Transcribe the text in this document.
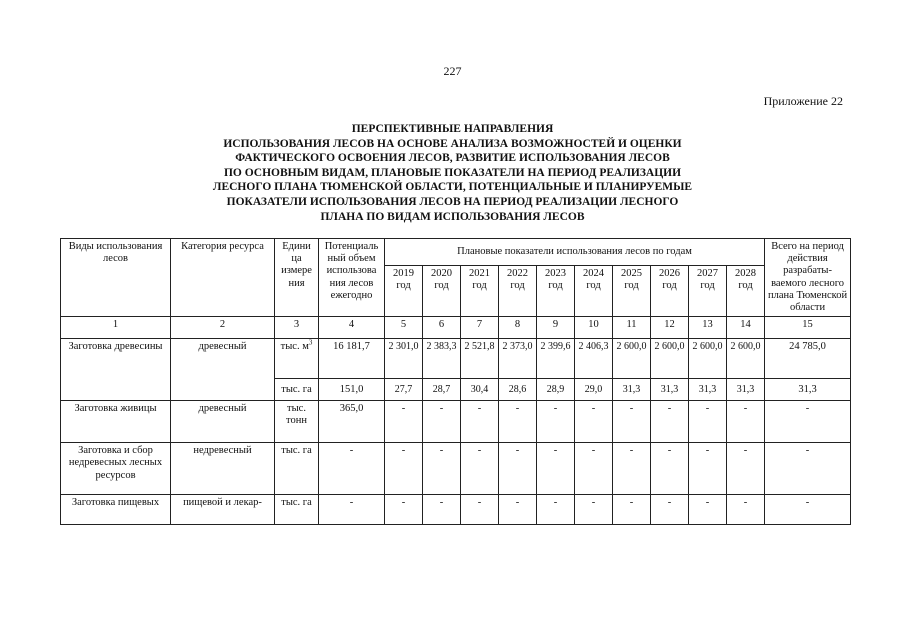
227
Приложение 22
ПЕРСПЕКТИВНЫЕ НАПРАВЛЕНИЯ
ИСПОЛЬЗОВАНИЯ ЛЕСОВ НА ОСНОВЕ АНАЛИЗА ВОЗМОЖНОСТЕЙ И ОЦЕНКИ
ФАКТИЧЕСКОГО ОСВОЕНИЯ ЛЕСОВ, РАЗВИТИЕ ИСПОЛЬЗОВАНИЯ ЛЕСОВ
ПО ОСНОВНЫМ ВИДАМ, ПЛАНОВЫЕ ПОКАЗАТЕЛИ НА ПЕРИОД РЕАЛИЗАЦИИ
ЛЕСНОГО ПЛАНА ТЮМЕНСКОЙ ОБЛАСТИ, ПОТЕНЦИАЛЬНЫЕ И ПЛАНИРУЕМЫЕ
ПОКАЗАТЕЛИ ИСПОЛЬЗОВАНИЯ ЛЕСОВ НА ПЕРИОД РЕАЛИЗАЦИИ ЛЕСНОГО
ПЛАНА ПО ВИДАМ ИСПОЛЬЗОВАНИЯ ЛЕСОВ
Виды использования лесов	Категория ресурса	Едини ца измере ния	Потенциаль ный объем использова ния лесов ежегодно	Плановые показатели использования лесов по годам										Всего на период действия разрабаты- ваемого лесного плана Тюменской области
				2019 год	2020 год	2021 год	2022 год	2023 год	2024 год	2025 год	2026 год	2027 год	2028 год	
1	2	3	4	5	6	7	8	9	10	11	12	13	14	15
Заготовка древесины	древесный	тыс. $м^3$	16 181,7	2 301,0	2 383,3	2 521,8	2 373,0	2 399,6	2 406,3	2 600,0	2 600,0	2 600,0	2 600,0	24 785,0
		тыс. га	151,0	27,7	28,7	30,4	28,6	28,9	29,0	31,3	31,3	31,3	31,3	31,3
Заготовка живицы	древесный	тыс. тонн	365,0	-	-	-	-	-	-	-	-	-	-	-
Заготовка и сбор недревесных лесных ресурсов	недревесный	тыс. га	-	-	-	-	-	-	-	-	-	-	-	-
Заготовка пищевых	пищевой и лекар-	тыс. га	-	-	-	-	-	-	-	-	-	-	-	-
